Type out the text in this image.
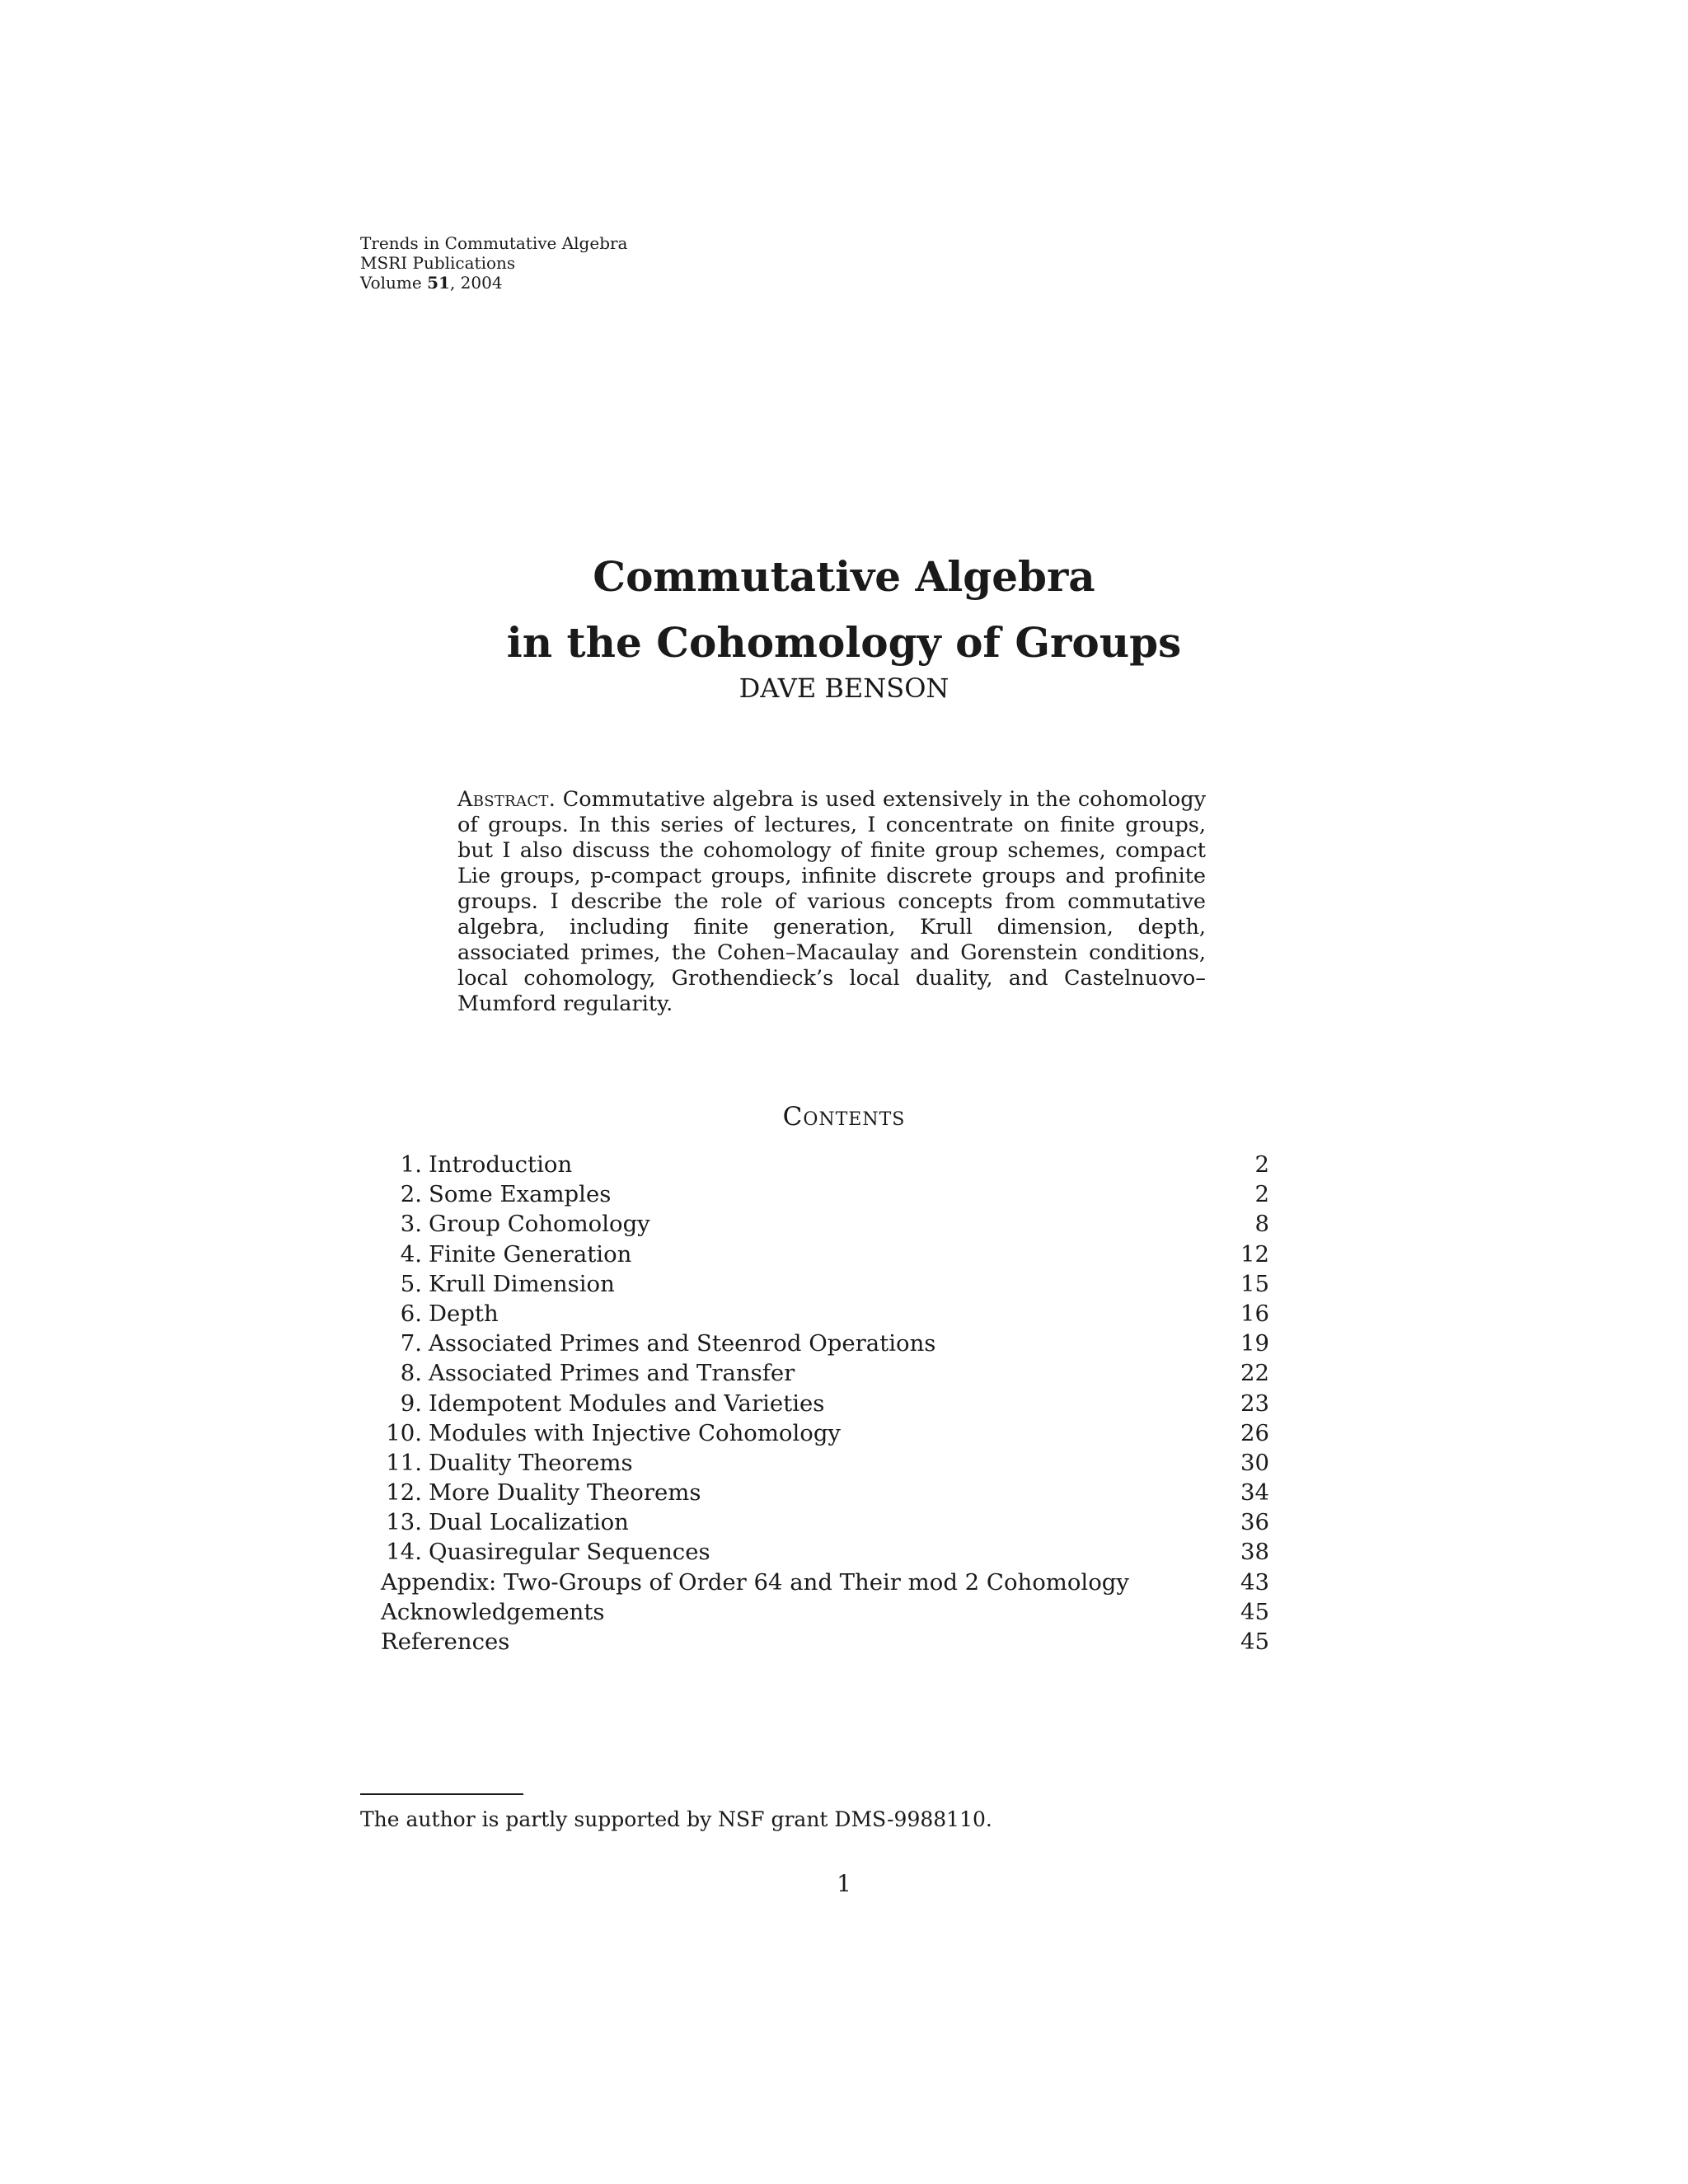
Trends in Commutative Algebra
MSRI Publications
Volume 51, 2004
Commutative Algebra
in the Cohomology of Groups
DAVE BENSON
Abstract. Commutative algebra is used extensively in the cohomology of groups. In this series of lectures, I concentrate on finite groups, but I also discuss the cohomology of finite group schemes, compact Lie groups, p-compact groups, infinite discrete groups and profinite groups. I describe the role of various concepts from commutative algebra, including finite generation, Krull dimension, depth, associated primes, the Cohen–Macaulay and Gorenstein conditions, local cohomology, Grothendieck’s local duality, and Castelnuovo–Mumford regularity.
Contents
1. Introduction	2
2. Some Examples	2
3. Group Cohomology	8
4. Finite Generation	12
5. Krull Dimension	15
6. Depth	16
7. Associated Primes and Steenrod Operations	19
8. Associated Primes and Transfer	22
9. Idempotent Modules and Varieties	23
10. Modules with Injective Cohomology	26
11. Duality Theorems	30
12. More Duality Theorems	34
13. Dual Localization	36
14. Quasiregular Sequences	38
Appendix: Two-Groups of Order 64 and Their mod 2 Cohomology	43
Acknowledgements	45
References	45
The author is partly supported by NSF grant DMS-9988110.
1
